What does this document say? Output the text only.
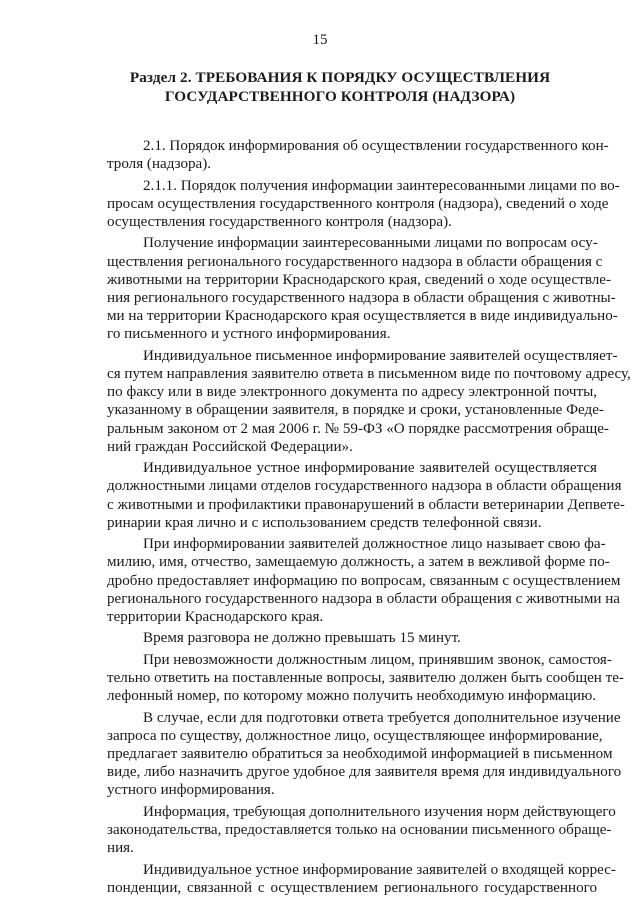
15
Раздел 2. ТРЕБОВАНИЯ К ПОРЯДКУ ОСУЩЕСТВЛЕНИЯ
ГОСУДАРСТВЕННОГО КОНТРОЛЯ (НАДЗОРА)
2.1. Порядок информирования об осуществлении государственного кон-
троля (надзора).
2.1.1. Порядок получения информации заинтересованными лицами по во-
просам осуществления государственного контроля (надзора), сведений о ходе
осуществления государственного контроля (надзора).
Получение информации заинтересованными лицами по вопросам осу-
ществления регионального государственного надзора в области обращения с
животными на территории Краснодарского края, сведений о ходе осуществле-
ния регионального государственного надзора в области обращения с животны-
ми на территории Краснодарского края осуществляется в виде индивидуально-
го письменного и устного информирования.
Индивидуальное письменное информирование заявителей осуществляет-
ся путем направления заявителю ответа в письменном виде по почтовому адресу,
по факсу или в виде электронного документа по адресу электронной почты,
указанному в обращении заявителя, в порядке и сроки, установленные Феде-
ральным законом от 2 мая 2006 г. № 59-ФЗ «О порядке рассмотрения обраще-
ний граждан Российской Федерации».
Индивидуальное устное информирование заявителей осуществляется
должностными лицами отделов государственного надзора в области обращения
с животными и профилактики правонарушений в области ветеринарии Депвете-
ринарии края лично и с использованием средств телефонной связи.
При информировании заявителей должностное лицо называет свою фа-
милию, имя, отчество, замещаемую должность, а затем в вежливой форме по-
дробно предоставляет информацию по вопросам, связанным с осуществлением
регионального государственного надзора в области обращения с животными на
территории Краснодарского края.
Время разговора не должно превышать 15 минут.
При невозможности должностным лицом, принявшим звонок, самостоя-
тельно ответить на поставленные вопросы, заявителю должен быть сообщен те-
лефонный номер, по которому можно получить необходимую информацию.
В случае, если для подготовки ответа требуется дополнительное изучение
запроса по существу, должностное лицо, осуществляющее информирование,
предлагает заявителю обратиться за необходимой информацией в письменном
виде, либо назначить другое удобное для заявителя время для индивидуального
устного информирования.
Информация, требующая дополнительного изучения норм действующего
законодательства, предоставляется только на основании письменного обраще-
ния.
Индивидуальное устное информирование заявителей о входящей коррес-
понденции, связанной с осуществлением регионального государственного
